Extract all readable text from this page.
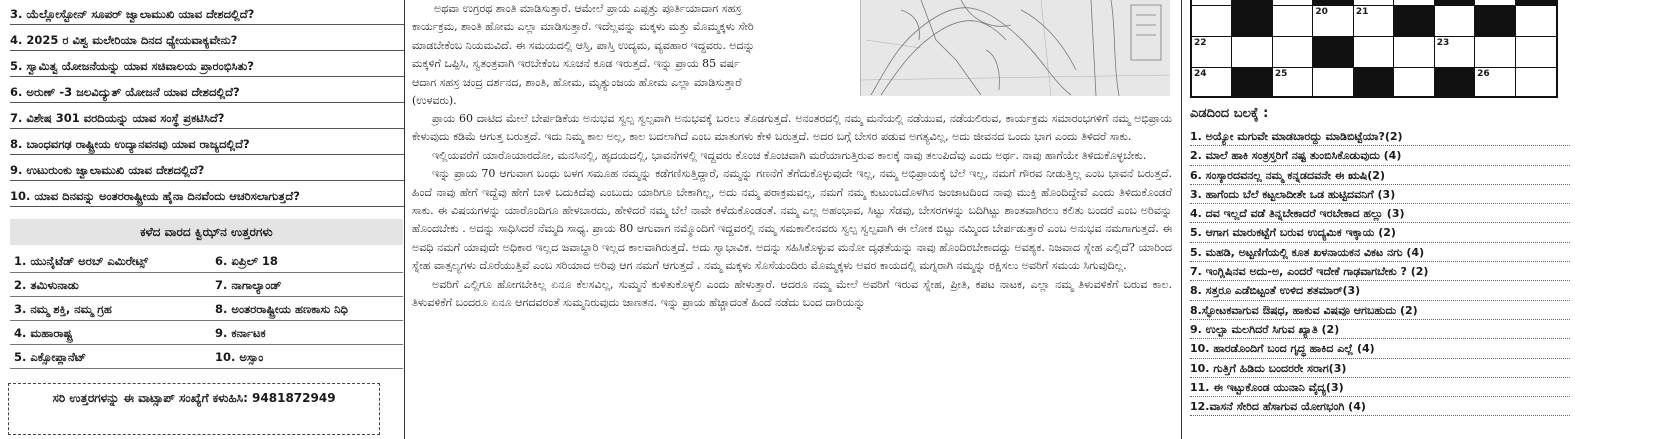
3. ಯೆಲ್ಲೋಸ್ಟೋನ್ ಸೂಪರ್ ಜ್ವಾಲಾಮುಖಿ ಯಾವ ದೇಶದಲ್ಲಿದೆ?
4. 2025 ರ ವಿಶ್ವ ಮಲೇರಿಯಾ ದಿನದ ಧ್ಯೇಯವಾಕ್ಯವೇನು?
5. ಸ್ವಾಮಿತ್ವ ಯೋಜನೆಯನ್ನು ಯಾವ ಸಚಿವಾಲಯ ಪ್ರಾರಂಭಿಸಿತು?
6. ಅರುಣ್ -3 ಜಲವಿದ್ಯುತ್ ಯೋಜನೆ ಯಾವ ದೇಶದಲ್ಲಿದೆ?
7. ವಿಶೇಷ 301 ವರದಿಯನ್ನು ಯಾವ ಸಂಸ್ಥೆ ಪ್ರಕಟಿಸಿದೆ?
8. ಬಾಂಧವಗಢ ರಾಷ್ಟ್ರೀಯ ಉದ್ಯಾನವನವು ಯಾವ ರಾಜ್ಯದಲ್ಲಿದೆ?
9. ಉಟುರುಂಕು ಜ್ವಾಲಾಮುಖಿ ಯಾವ ದೇಶದಲ್ಲಿದೆ?
10. ಯಾವ ದಿನವನ್ನು ಅಂತರರಾಷ್ಟ್ರೀಯ ಹೈನಾ ದಿನವೆಂದು ಆಚರಿಸಲಾಗುತ್ತದೆ?
ಕಳೆದ ವಾರದ ಕ್ವಿಝ್‌ನ ಉತ್ತರಗಳು
1. ಯುನೈಟೆಡ್ ಅರಬ್ ಎಮಿರೇಟ್ಸ್	6. ಏಪ್ರಿಲ್ 18
2. ತಮಿಳುನಾಡು	7. ನಾಗಾಲ್ಯಾಂಡ್
3. ನಮ್ಮ ಶಕ್ತಿ, ನಮ್ಮ ಗ್ರಹ	8. ಅಂತರರಾಷ್ಟ್ರೀಯ ಹಣಕಾಸು ನಿಧಿ
4. ಮಹಾರಾಷ್ಟ್ರ	9. ಕರ್ನಾಟಕ
5. ಎಕ್ಸೋಪ್ಲಾನೆಟ್	10. ಅಸ್ಸಾಂ
ಸರಿ ಉತ್ತರಗಳನ್ನು ಈ ವಾಟ್ಸಾಪ್ ಸಂಖ್ಯೆಗೆ ಕಳುಹಿಸಿ: 9481872949
ಅಥವಾ ಉಗ್ರರಥ ಶಾಂತಿ ಮಾಡಿಸುತ್ತಾರೆ. ಆಮೇಲೆ ಪ್ರಾಯ ಎಪ್ಪತ್ತು ಪೂರ್ತಿಯಾದಾಗ ಸಹಸ್ರ
ಕಾರ್ಯಕ್ರಮ, ಶಾಂತಿ ಹೋಮ ಎಲ್ಲಾ ಮಾಡಿಸುತ್ತಾರೆ. ಇದೆಲ್ಲವನ್ನು ಮಕ್ಕಳು ಮತ್ತು ಮೊಮ್ಮಕ್ಕಳು ಸೇರಿ
ಮಾಡಬೇಕೆಂಬ ನಿಯಮವಿದೆ. ಈ ಸಮಯದಲ್ಲಿ ಆಸ್ತಿ, ಪಾಸ್ತಿ ಉದ್ಯಮ, ವ್ಯವಹಾರ ಇದ್ದವರು. ಅದನ್ನು
ಮಕ್ಕಳಿಗೆ ಒಪ್ಪಿಸಿ, ಸ್ವತಂತ್ರವಾಗಿ ಇರಬೇಕೆಂಬ ಸೂಚನೆ ಕೂಡ ಇರುತ್ತದೆ. ಇನ್ನು ಪ್ರಾಯ 85 ವರ್ಷ
ಆದಾಗ ಸಹಸ್ರ ಚಂದ್ರ ದರ್ಶನದ, ಶಾಂತಿ, ಹೋಮ, ಮೃತ್ಯುಂಜಯ ಹೋಮ ಎಲ್ಲಾ ಮಾಡಿಸುತ್ತಾರೆ
(ಉಳವರು).

ಪ್ರಾಯ 60 ದಾಟಿದ ಮೇಲೆ ಬೇರ್ಪಡಿಕೆಯ ಅನುಭವ ಸ್ವಲ್ಪ ಸ್ವಲ್ಪವಾಗಿ ಅನುಭವಕ್ಕೆ ಬರಲು ತೊಡಗುತ್ತದೆ. ಅನಂತರದಲ್ಲಿ ನಮ್ಮ ಮನೆಯಲ್ಲಿ ನಡೆಯುವ, ನಡೆಯಲಿರುವ, ಕಾರ್ಯಕ್ರಮ ಸಮಾರಂಭಗಳಿಗೆ ನಮ್ಮ ಅಭಿಪ್ರಾಯ ಕೇಳುವುದು ಕಡಿಮೆ ಆಗುತ್ತ ಬರುತ್ತದೆ. ಇದು ನಿಮ್ಮ ಕಾಲ ಅಲ್ಲ, ಕಾಲ ಬದಲಾಗಿದೆ ಎಂಬ ಮಾತುಗಳು ಕೇಳಿ ಬರುತ್ತದೆ. ಅದರ ಬಗ್ಗೆ ಬೇಸರ ಪಡುವ ಅಗತ್ಯವಿಲ್ಲ, ಅದು ಜೀವನದ ಒಂದು ಭಾಗ ಎಂದು ತಿಳಿದರೆ ಸಾಕು.

ಇಲ್ಲಿಯವರೆಗೆ ಯಾರೊಯಾರದೋ, ಮನಸಿನಲ್ಲಿ, ಹೃದಯದಲ್ಲಿ, ಭಾವನೆಗಳಲ್ಲಿ ಇದ್ದವರು ಕೊಂಚ ಕೊಂಚವಾಗಿ ಮರೆಯಾಗುತ್ತಿರುವ ಕಾಲಕ್ಕೆ ನಾವು ತಲುಪಿದೆವು ಎಂದು ಅರ್ಥ. ನಾವು ಹಾಗೆಯೇ ತಿಳಿದುಕೊಳ್ಳಬೇಕು.

ಇನ್ನು ಪ್ರಾಯ 70 ಆಗುವಾಗ ಬಂಧು ಬಳಗ ಸಮೂಹ ನಮ್ಮನ್ನು ಕಡೆಗಣಿಸುತ್ತಿದ್ದಾರೆ, ನಮ್ಮನ್ನು ಗಣನೆಗೆ ತೆಗೆದುಕೊಳ್ಳುವುದೇ ಇಲ್ಲ, ನಮ್ಮ ಅಭಿಪ್ರಾಯಕ್ಕೆ ಬೆಲೆ ಇಲ್ಲ, ನಮಗೆ ಗೌರವ ನೀಡುತ್ತಿಲ್ಲ ಎಂಬ ಭಾವನೆ ಬರುತ್ತದೆ. ಹಿಂದೆ ನಾವು ಹೇಗೆ ಇದ್ದೆವು ಹೇಗೆ ಬಾಳಿ ಬದುಕಿದೆವು ಎಂಬುದು ಯಾರಿಗೂ ಬೇಕಾಗಿಲ್ಲ, ಅದು ನಮ್ಮ ಪರಾಕ್ರಮವಲ್ಲ, ನಮಗೆ ನಮ್ಮ ಕುಟುಂಬದೊಳಗಿನ ಜಂಜಾಟದಿಂದ ನಾವು ಮುಕ್ತಿ ಹೊಂದಿದ್ದೇವೆ ಎಂದು ತಿಳಿದುಕೊಂಡರೆ ಸಾಕು. ಈ ವಿಷಯಗಳನ್ನು ಯಾರೊಂದಿಗೂ ಹೇಳಬಾರದು, ಹೇಳಿದರೆ ನಮ್ಮ ಬೆಲೆ ನಾವೇ ಕಳೆದುಕೊಂಡಂತೆ. ನಮ್ಮ ಎಲ್ಲ ಅಹಂಭಾವ, ಸಿಟ್ಟು ಸೆಡವು, ಬೇಸರಗಳನ್ನು ಬದಿಗಿಟ್ಟು ಶಾಂತವಾಗಿರಲು ಕಲಿತು ಬಂದರೆ ಎಂಬ ಅರಿವನ್ನು ಹೊಂದಬೇಕು . ಅದನ್ನು ಸಾಧಿಸಿದರೆ ನೆಮ್ಮದಿ ಸಾಧ್ಯ. ಪ್ರಾಯ 80 ಆಗುವಾಗ ನಮ್ಮೊಂದಿಗೆ ಇದ್ದವರಲ್ಲಿ ನಮ್ಮ ಸಮಕಾಲೀನವರು ಸ್ವಲ್ಪ ಸ್ವಲ್ಪವಾಗಿ ಈ ಲೋಕ ಬಿಟ್ಟು ನಮ್ಮಿಂದ ಬೇರ್ಪಡುತ್ತಾರೆ ಎಂಬ ಅನುಭವ ನಮಗಾಗುತ್ತದೆ. ಈ ಅವಧಿ ನಮಗೆ ಯಾವುದೇ ಅಧಿಕಾರ ಇಲ್ಲದ ಜವಾಬ್ದಾರಿ ಇಲ್ಲದ ಕಾಲವಾಗಿರುತ್ತದೆ. ಅದು ಸ್ವಾಭಾವಿಕ. ಅದನ್ನು ಸಹಿಸಿಕೊಳ್ಳುವ ಮನೋ ದೃಢತೆಯನ್ನು ನಾವು ಹೊಂದಿರಬೇಕಾದದ್ದು ಅವಶ್ಯಕ. ನಿಜವಾದ ಸ್ನೇಹ ಎಲ್ಲಿದೆ? ಯಾರಿಂದ ಸ್ನೇಹ ವಾತ್ಸಲ್ಯಗಳು ದೊರೆಯುತ್ತಿವೆ ಎಂಬ ಸರಿಯಾದ ಅರಿವು ಆಗ ನಮಗೆ ಆಗುತ್ತದೆ . ನಮ್ಮ ಮಕ್ಕಳು ಸೊಸೆಯಂದಿರು ಮೊಮ್ಮಕ್ಕಳು ಅವರ ಕಾಯದಲ್ಲಿ ಮಗ್ನರಾಗಿ ನಮ್ಮನ್ನು ರಕ್ಷಿಸಲು ಅವರಿಗೆ ಸಮಯ ಸಿಗುವುದಿಲ್ಲ.

ಅವರಿಗೆ ಎಲ್ಲಿಗೂ ಹೋಗಬೇಕಿಲ್ಲ ಏನೂ ಕೆಲಸವಿಲ್ಲ, ಸುಮ್ಮನೆ ಕುಳಿತುಕೊಳ್ಳಲಿ ಎಂದು ಹೇಳುತ್ತಾರೆ. ಆದರೂ ನಮ್ಮ ಮೇಲೆ ಅವರಿಗೆ ಇರುವ ಸ್ನೇಹ, ಪ್ರೀತಿ, ಕಪಟ ನಾಟಕ, ಎಲ್ಲಾ ನಮ್ಮ ತಿಳುವಳಿಕೆಗೆ ಬರುವ ಕಾಲ. ತಿಳುವಳಿಕೆಗೆ ಬಂದರೂ ಏನೂ ಆಗದವರಂತೆ ಸುಮ್ಮನಿರುವುದು ಜಾಣತನ. ಇನ್ನು ಪ್ರಾಯ ಹೆಚ್ಚಾದಂತೆ ಹಿಂದೆ ನಡೆದು ಬಂದ ದಾರಿಯನ್ನು

20	21
22	23
24	25	26
ಎಡದಿಂದ ಬಲಕ್ಕೆ :
1. ಅಯ್ಯೋ ಮಗುವೇ ಮಾಡಬಾರದ್ದು ಮಾಡಿಬಿಟ್ಟೆಯಾ?(2)
2. ಮಾಲೆ ಹಾಕಿ ಸಂತ್ರಸ್ತರಿಗೆ ನಷ್ಟ ತುಂಬಿಸಿಕೊಡುವುದು (4)
6. ಸಂಸ್ಕಾರದವನಲ್ಲ ನಮ್ಮ ಕನ್ನಡದವನೇ ಈ ಋಷಿ(2)
3. ಹಾಗೆಂದು ಬೆಲೆ ಕಟ್ಟಲಾದೀತೇ ಒಡ ಹುಟ್ಟಿದವನಿಗೆ (3)
4. ದವ ಇಲ್ಲದೆ ವಡೆ ತಿನ್ನಬೇಕಾದರೆ ಇರಬೇಕಾದ ಹಲ್ಲು (3)
5. ಆಗಾಗ ಮಾರುಕಟ್ಟೆಗೆ ಬರುವ ಉದ್ಯಮಿಕ ಇಕ್ಕಾಯ (2)
5. ಮಹಡಿ, ಅಟ್ಟಣಿಗೆಯಲ್ಲಿ ಕೂತ ಖಳನಾಯಕನ ವಿಕಟ ನಗು (4)
7. ಇಂಗ್ಲಿಷಿನವ ಅದು-ಅ, ಎಂದರೆ ಇದೇಕೆ ಗಾಢವಾಗಬೇಕು ? (2)
8. ಸತ್ತರೂ ಎಡೆಬಿಟ್ಟಂತೆ ಉಳಿದ ಶತಮಾರ್(3)
8.ಸ್ಫೋಟಕವಾಗುವ ಔಷಧ, ಹಾಕುವ ವಿಷವೂ ಆಗಬಹುದು (2)
9. ಉಲ್ಟಾ ಮಲಗಿದರೆ ಸಿಗುವ ಖ್ಯಾತಿ (2)
10. ಹಾರಡೊಂದಿಗೆ ಬಂದ ಗೃದ್ಧ ಹಾಕಿದ ಎಲ್ಲೆ (4)
10. ಗುತ್ತಿಗೆ ಹಿಡಿದು ಬಂದರರೇ ಸರಾಗ(3)
11. ಈ ಇಟ್ಟುಕೊಂಡ ಯುನಾನಿ ವೈದ್ಯ(3)
12.ವಾಸನೆ ಸೇರಿದ ಹೆಸಾಗುವ ಯೋಗಭಂಗಿ (4)
